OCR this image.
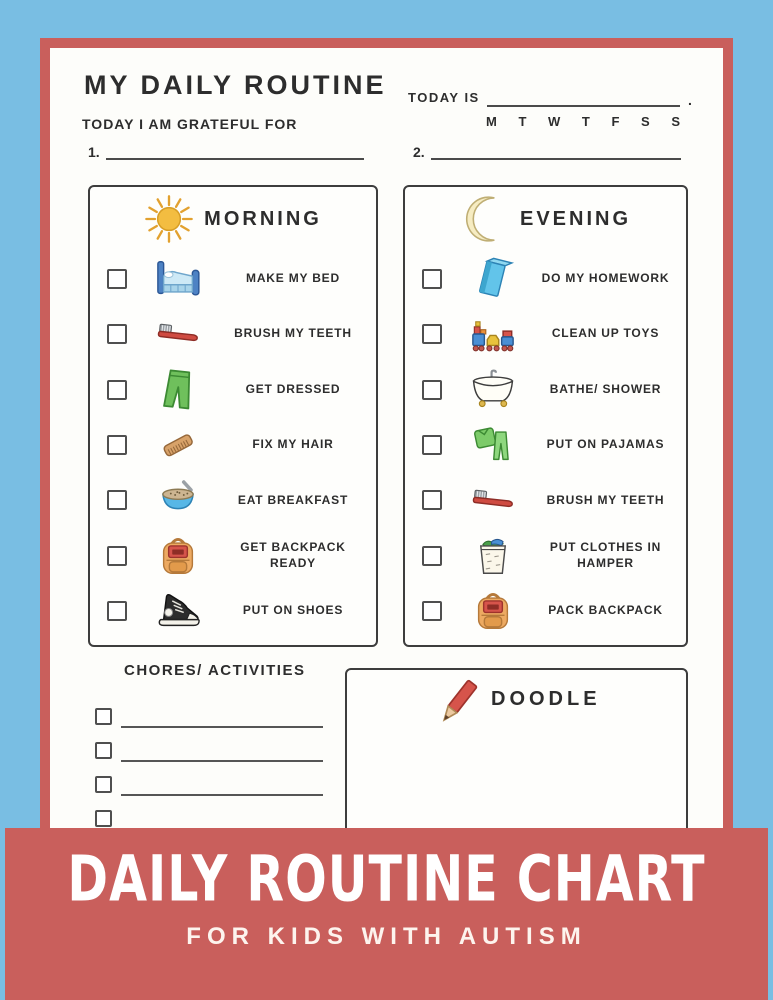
MY DAILY ROUTINE TODAY IS	.
M T W T F S S
TODAY I AM GRATEFUL FOR
1.	2.
MORNING
MAKE MY BED
BRUSH MY TEETH
GET DRESSED
FIX MY HAIR
EAT BREAKFAST
GET BACKPACK READY
PUT ON SHOES
EVENING
DO MY HOMEWORK
CLEAN UP TOYS
BATHE/ SHOWER
PUT ON PAJAMAS
BRUSH MY TEETH
PUT CLOTHES IN HAMPER
PACK BACKPACK
CHORES/ ACTIVITIES
DOODLE
DAILY ROUTINE CHART
FOR KIDS WITH AUTISM
